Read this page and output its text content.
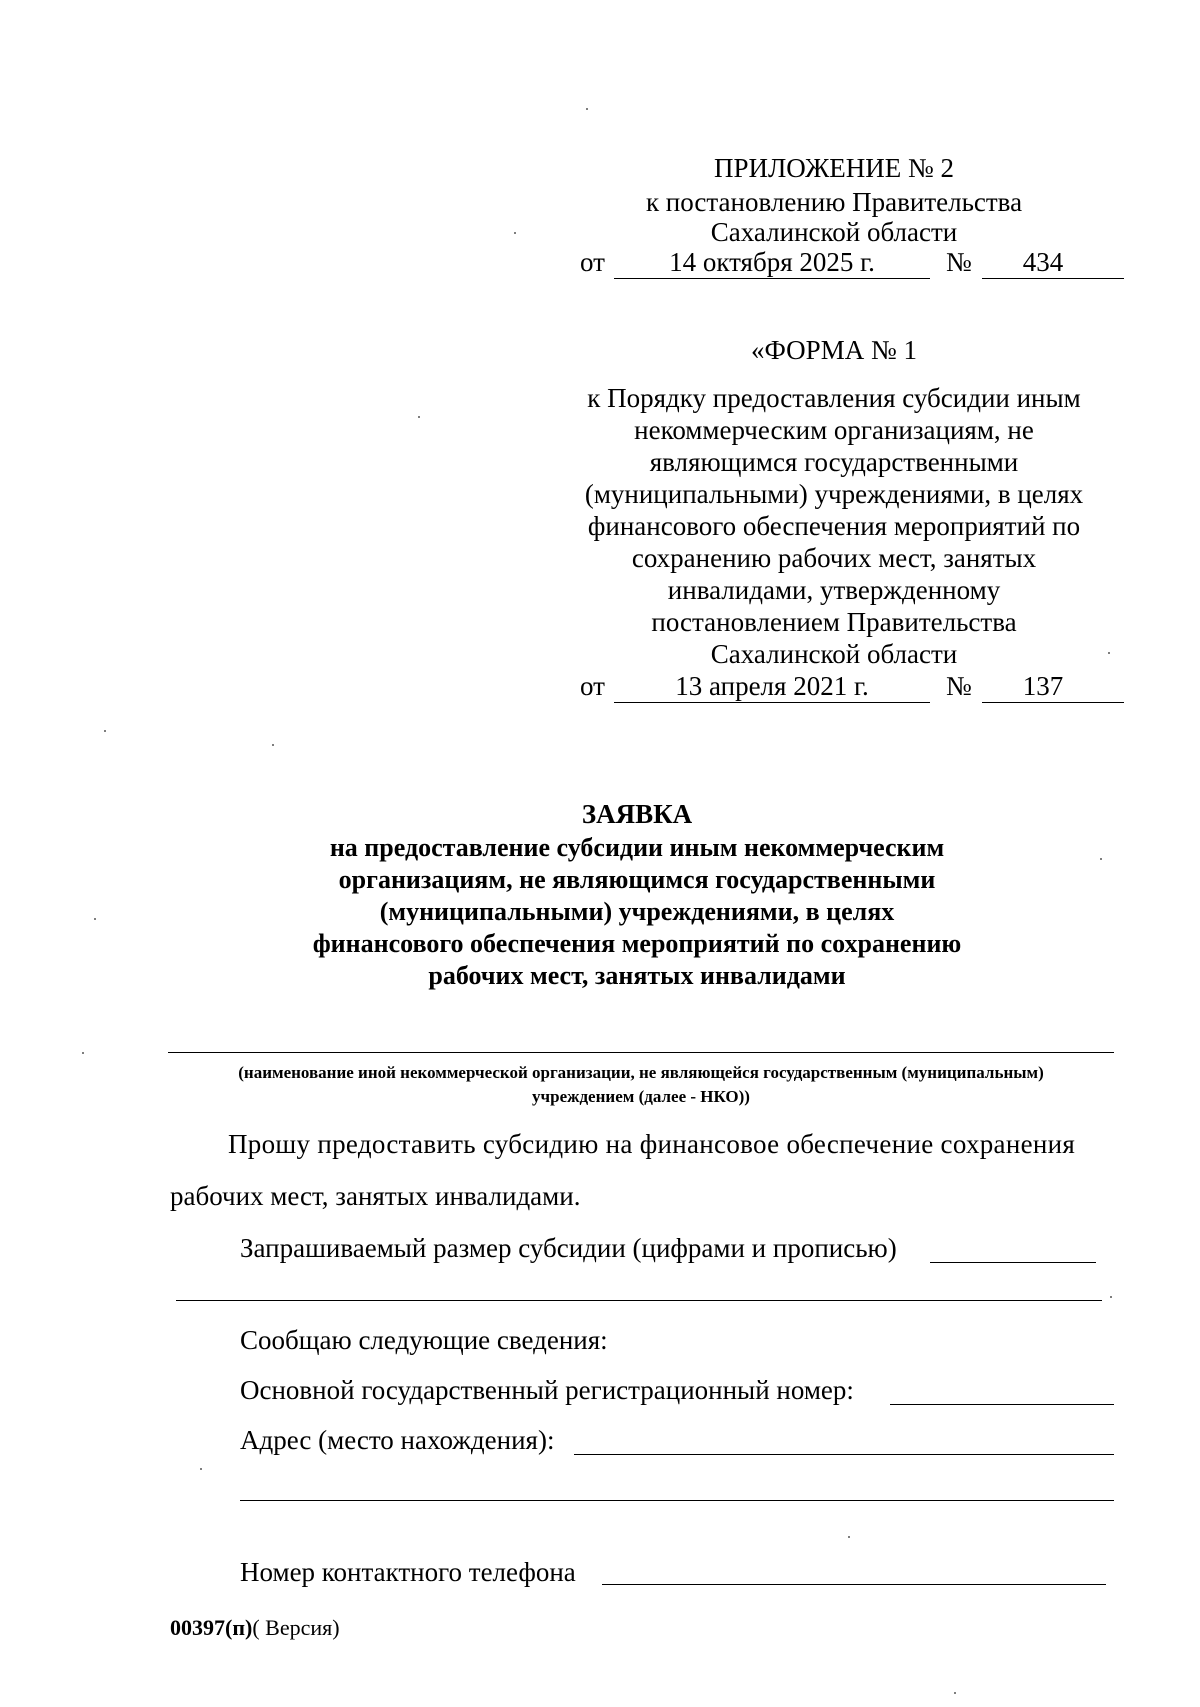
ПРИЛОЖЕНИЕ № 2
к постановлению Правительства
Сахалинской области
от	14 октября 2025 г.	№	434
«ФОРМА № 1
к Порядку предоставления субсидии иным
некоммерческим организациям, не
являющимся государственными
(муниципальными) учреждениями, в целях
финансового обеспечения мероприятий по
сохранению рабочих мест, занятых
инвалидами, утвержденному
постановлением Правительства
Сахалинской области
от	13 апреля 2021 г.	№	137
ЗАЯВКА
на предоставление субсидии иным некоммерческим
организациям, не являющимся государственными
(муниципальными) учреждениями, в целях
финансового обеспечения мероприятий по сохранению
рабочих мест, занятых инвалидами
(наименование иной некоммерческой организации, не являющейся государственным (муниципальным)
учреждением (далее - НКО))
Прошу предоставить субсидию на финансовое обеспечение сохранения
рабочих мест, занятых инвалидами.
Запрашиваемый размер субсидии (цифрами и прописью)
Сообщаю следующие сведения:
Основной государственный регистрационный номер:
Адрес (место нахождения):
Номер контактного телефона
00397(п)( Версия)
